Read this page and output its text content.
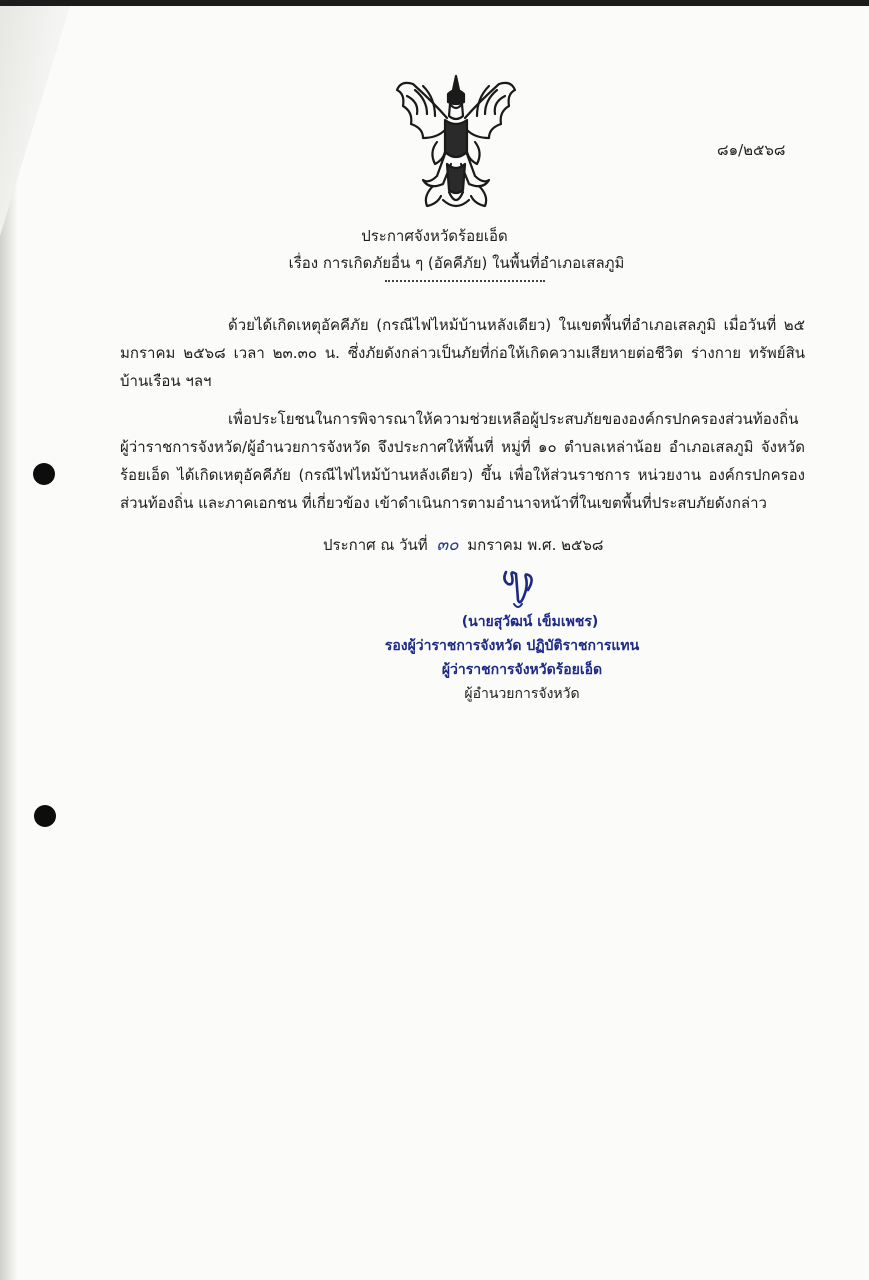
๘๑/๒๕๖๘
ประกาศจังหวัดร้อยเอ็ด
เรื่อง การเกิดภัยอื่น ๆ (อัคคีภัย) ในพื้นที่อำเภอเสลภูมิ
ด้วยได้เกิดเหตุอัคคีภัย (กรณีไฟไหม้บ้านหลังเดียว) ในเขตพื้นที่อำเภอเสลภูมิ เมื่อวันที่ ๒๕ มกราคม ๒๕๖๘ เวลา ๒๓.๓๐ น. ซึ่งภัยดังกล่าวเป็นภัยที่ก่อให้เกิดความเสียหายต่อชีวิต ร่างกาย ทรัพย์สิน บ้านเรือน ฯลฯ
เพื่อประโยชนในการพิจารณาให้ความช่วยเหลือผู้ประสบภัยขององค์กรปกครองส่วนท้องถิ่น ผู้ว่าราชการจังหวัด/ผู้อำนวยการจังหวัด จึงประกาศให้พื้นที่ หมู่ที่ ๑๐ ตำบลเหล่าน้อย อำเภอเสลภูมิ จังหวัดร้อยเอ็ด ได้เกิดเหตุอัคคีภัย (กรณีไฟไหม้บ้านหลังเดียว) ขึ้น เพื่อให้ส่วนราชการ หน่วยงาน องค์กรปกครองส่วนท้องถิ่น และภาคเอกชน ที่เกี่ยวข้อง เข้าดำเนินการตามอำนาจหน้าที่ในเขตพื้นที่ประสบภัยดังกล่าว
ประกาศ ณ วันที่ ๓๐ มกราคม พ.ศ. ๒๕๖๘
(นายสุวัฒน์ เข็มเพชร)
รองผู้ว่าราชการจังหวัด ปฏิบัติราชการแทน
ผู้ว่าราชการจังหวัดร้อยเอ็ด
ผู้อำนวยการจังหวัด
